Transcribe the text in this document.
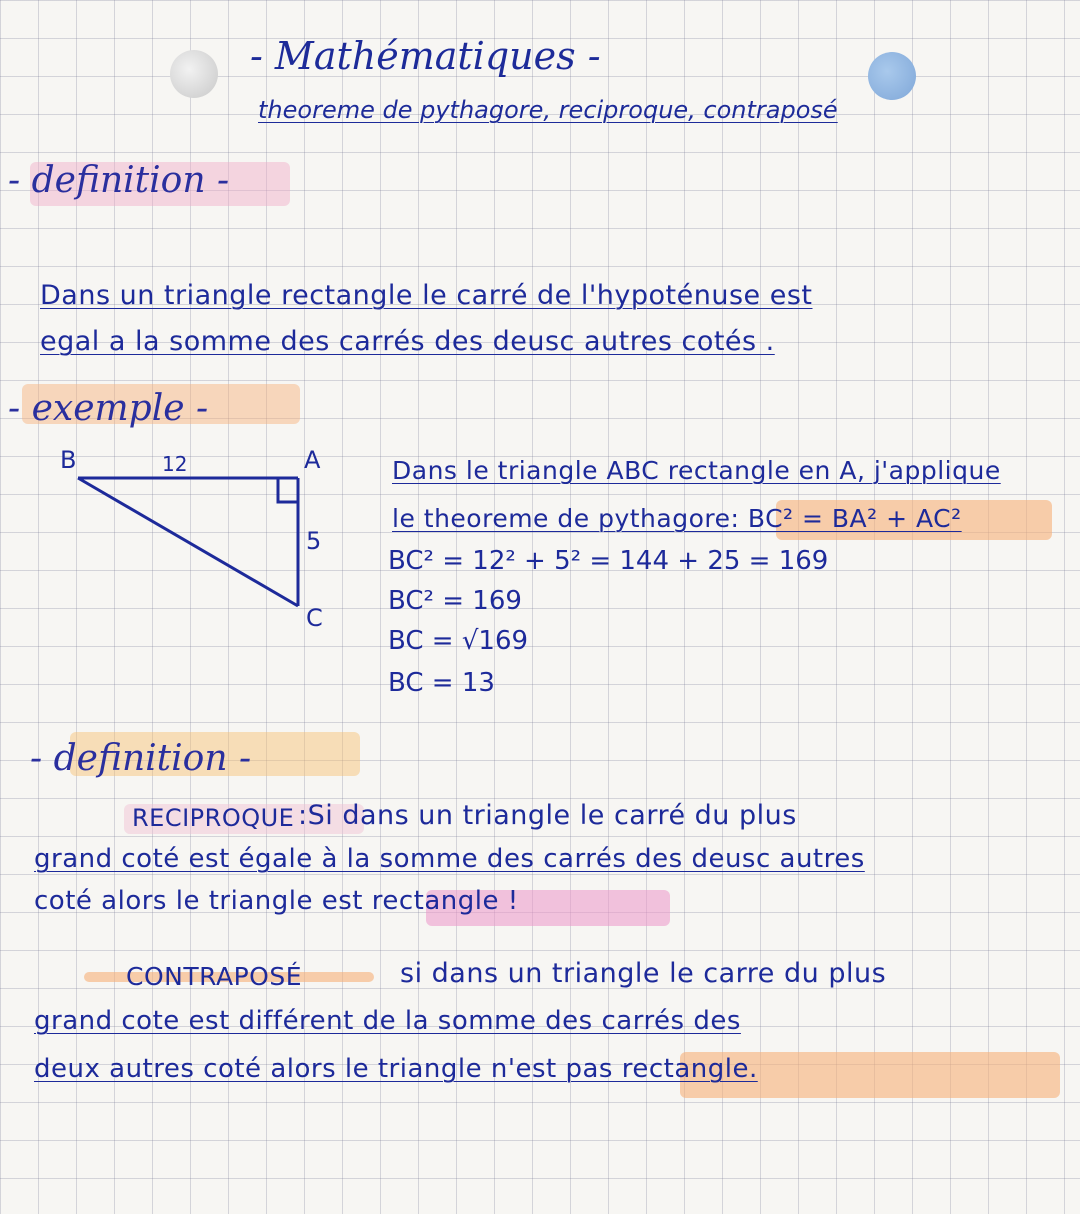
- Mathématiques -
theoreme de pythagore, reciproque, contraposé
- definition -
Dans un triangle rectangle le carré de l'hypoténuse est
egal a la somme des carrés des deusc autres cotés .
- exemple -
B	12	A
5
C
Dans le triangle ABC rectangle en A, j'applique
le theoreme de pythagore: BC² = BA² + AC²
BC² = 12² + 5² = 144 + 25 = 169
BC² = 169
BC = √169
BC = 13
- definition -
RECIPROQUE :Si dans un triangle le carré du plus
grand coté est égale à la somme des carrés des deusc autres
coté alors le triangle est rectangle !
CONTRAPOSÉ	si dans un triangle le carre du plus
grand cote est différent de la somme des carrés des
deux autres coté alors le triangle n'est pas rectangle.
